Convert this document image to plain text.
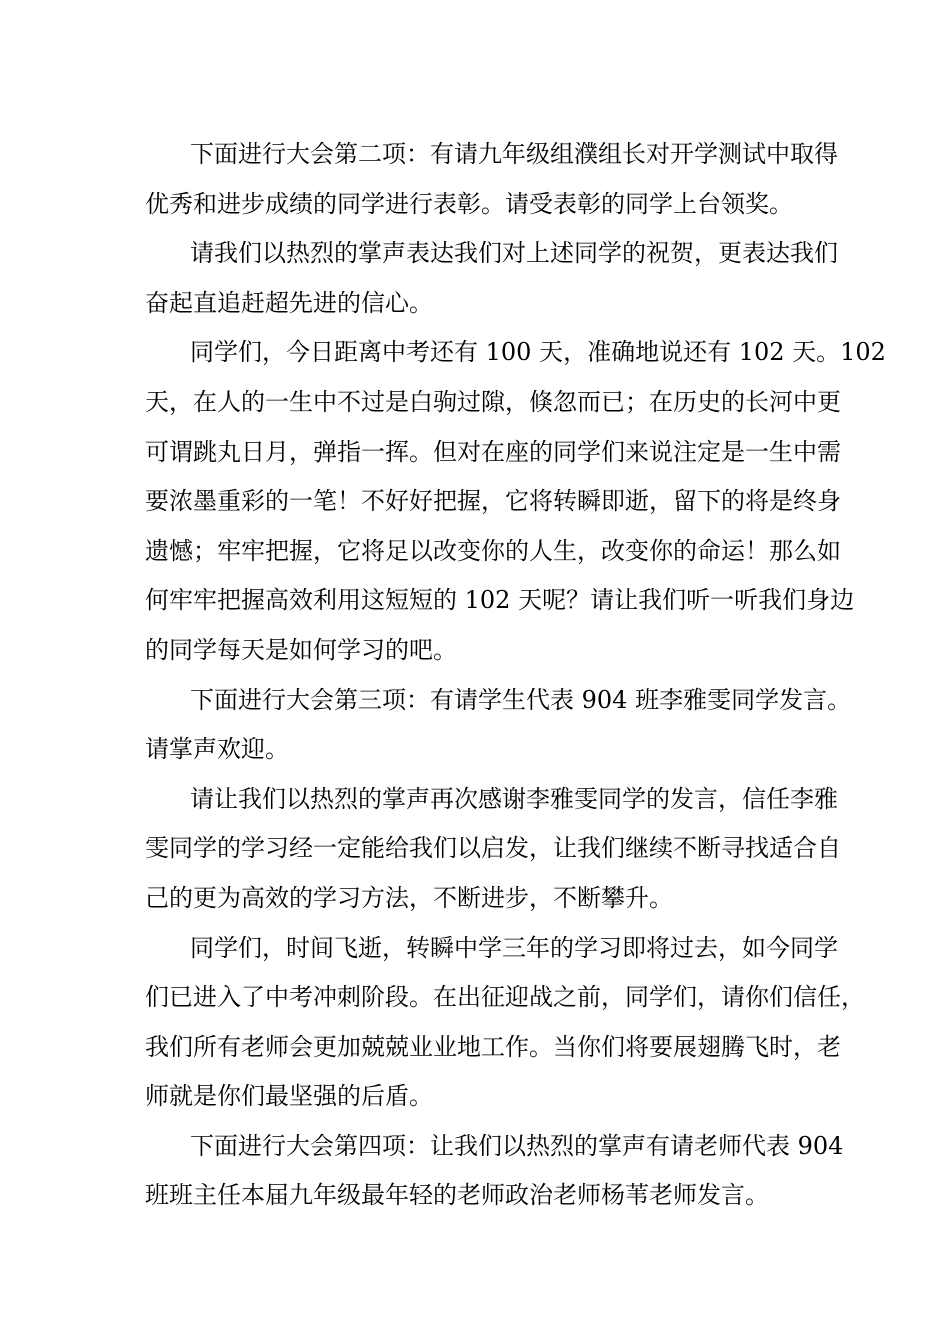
下面进行大会第二项：有请九年级组濮组长对开学测试中取得
优秀和进步成绩的同学进行表彰。请受表彰的同学上台领奖。
请我们以热烈的掌声表达我们对上述同学的祝贺，更表达我们
奋起直追赶超先进的信心。
同学们，今日距离中考还有 100 天，准确地说还有 102 天。102
天，在人的一生中不过是白驹过隙，倏忽而已；在历史的长河中更
可谓跳丸日月，弹指一挥。但对在座的同学们来说注定是一生中需
要浓墨重彩的一笔！不好好把握，它将转瞬即逝，留下的将是终身
遗憾；牢牢把握，它将足以改变你的人生，改变你的命运！那么如
何牢牢把握高效利用这短短的 102 天呢？请让我们听一听我们身边
的同学每天是如何学习的吧。
下面进行大会第三项：有请学生代表 904 班李雅雯同学发言。
请掌声欢迎。
请让我们以热烈的掌声再次感谢李雅雯同学的发言，信任李雅
雯同学的学习经一定能给我们以启发，让我们继续不断寻找适合自
己的更为高效的学习方法，不断进步，不断攀升。
同学们，时间飞逝，转瞬中学三年的学习即将过去，如今同学
们已进入了中考冲刺阶段。在出征迎战之前，同学们，请你们信任，
我们所有老师会更加兢兢业业地工作。当你们将要展翅腾飞时，老
师就是你们最坚强的后盾。
下面进行大会第四项：让我们以热烈的掌声有请老师代表 904
班班主任本届九年级最年轻的老师政治老师杨苇老师发言。
